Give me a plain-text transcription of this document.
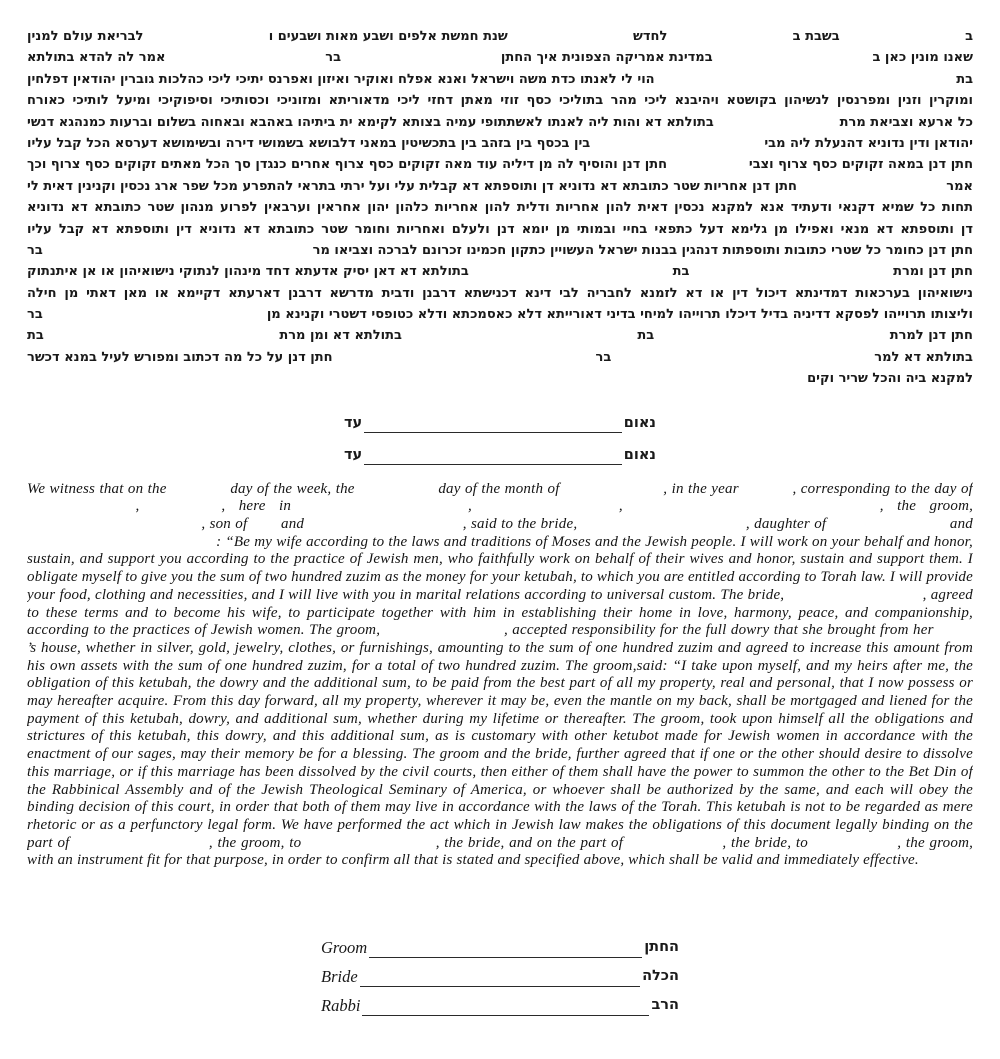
ב
בשבת ב
לחדש
שנת חמשת אלפים ושבע מאות ושבעים ו
לבריאת עולם למנין
שאנו מונין כאן ב
במדינת אמריקה הצפונית איך החתן
בר
אמר לה להדא בתולתא
בת
הוי לי לאנתו כדת משה וישראל ואנא אפלח ואוקיר ואיזון ואפרנס יתיכי ליכי כהלכות גוברין יהודאין דפלחין
ומוקרין וזנין ומפרנסין לנשיהון בקושטא ויהיבנא ליכי מהר בתוליכי כסף זוזי מאתן דחזי ליכי מדאוריתא ומזוניכי וכסותיכי וסיפוקיכי ומיעל לותיכי כאורח
כל ארעא וצביאת מרת
בתולתא דא והות ליה לאנתו לאשתתופי עמיה בצותא לקימא ית ביתיהו באהבא ובאחוה בשלום וברעות כמנהגא דנשי
יהודאן ודין נדוניא דהנעלת ליה מבי
בין בכסף בין בזהב בין בתכשיטין במאני דלבושא בשמושי דירה ובשימושא דערסא הכל קבל עליו
חתן דנן במאה זקוקים כסף צרוף וצבי
חתן דנן והוסיף לה מן דיליה עוד מאה זקוקים כסף צרוף אחרים כנגדן סך הכל מאתים זקוקים כסף צרוף וכך
אמר
חתן דנן אחריות שטר כתובתא דא נדוניא דן ותוספתא דא קבלית עלי ועל ירתי בתראי להתפרע מכל שפר ארג נכסין וקנינין דאית לי
תחות כל שמיא דקנאי ודעתיד אנא למקנא נכסין דאית להון אחריות ודלית להון אחריות כלהון יהון אחראין וערבאין לפרוע מנהון שטר כתובתא דא נדוניא
דן ותוספתא דא מנאי ואפילו מן גלימא דעל כתפאי בחיי ובמותי מן יומא דנן ולעלם ואחריות וחומר שטר כתובתא דא נדוניא דין ותוספתא דא קבל עליו
חתן דנן כחומר כל שטרי כתובות ותוספתות דנהגין בבנות ישראל העשויין כתקון חכמינו זכרונם לברכה וצביאו מר
בר
חתן דנן ומרת
בת
בתולתא דא דאן יסיק אדעתא דחד מינהון לנתוקי נישואיהון או אן איתנתוק
נישואיהון בערכאות דמדינתא דיכול דין או דא לזמנא לחבריה לבי דינא דכנישתא דרבנן ודבית מדרשא דרבנן דארעתא דקיימא או מאן דאתי מן חילה
וליצותו תרוייהו לפסקא דדיניה בדיל דיכלו תרוייהו למיחי בדיני דאורייתא דלא כאסמכתא ודלא כטופסי דשטרי וקנינא מן
בר
חתן דנן למרת
בת
בתולתא דא ומן מרת
בת
בתולתא דא למר
בר
חתן דנן על כל מה דכתוב ומפורש לעיל במנא דכשר
למקנא ביה והכל שריר וקים
נאום
עד
נאום
עד

We witness that on the	day of the week, the	day of the month of	, in the year	, corresponding to the day of  ,	, here in	,	,	, the groom,  , son of  and	, said to the bride,	, daughter of	and  : “Be my wife according to the laws and traditions of Moses and the Jewish people. I will work on your behalf and honor, sustain, and support you according to the practice of Jewish men, who faithfully work on behalf of their wives and honor, sustain and support them. I obligate myself to give you the sum of two hundred zuzim as the money for your ketubah, to which you are entitled according to Torah law. I will provide your food, clothing and necessities, and I will live with you in marital relations according to universal custom. The bride,	, agreed to these terms and to become his wife, to participate together with him in establishing their home in love, harmony, peace, and companionship, according to the practices of Jewish women. The groom,	, accepted responsibility for the full dowry that she brought from her  ’s house, whether in silver, gold, jewelry, clothes, or furnishings, amounting to the sum of one hundred zuzim and agreed to increase this amount from his own assets with the sum of one hundred zuzim, for a total of two hundred zuzim. The groom,said: “I take upon myself, and my heirs after me, the obligation of this ketubah, the dowry and the additional sum, to be paid from the best part of all my property, real and personal, that I now possess or may hereafter acquire. From this day forward, all my property, wherever it may be, even the mantle on my back, shall be mortgaged and liened for the payment of this ketubah, dowry, and additional sum, whether during my lifetime or thereafter. The groom, took upon himself all the obligations and strictures of this ketubah, this dowry, and this additional sum, as is customary with other ketubot made for Jewish women in accordance with the enactment of our sages, may their memory be for a blessing. The groom and the bride, further agreed that if one or the other should desire to dissolve this marriage, or if this marriage has been dissolved by the civil courts, then either of them shall have the power to summon the other to the Bet Din of the Rabbinical Assembly and of the Jewish Theological Seminary of America, or whoever shall be authorized by the same, and each will obey the binding decision of this court, in order that both of them may live in accordance with the laws of the Torah. This ketubah is not to be regarded as mere rhetoric or as a perfunctory legal form. We have performed the act which in Jewish law makes the obligations of this document legally binding on the part of	, the groom, to	, the bride, and on the part of	, the bride, to	, the groom, with an instrument fit for that purpose, in order to confirm all that is stated and specified above, which shall be valid and immediately effective.

Groom	החתן
Bride	הכלה
Rabbi	הרב
